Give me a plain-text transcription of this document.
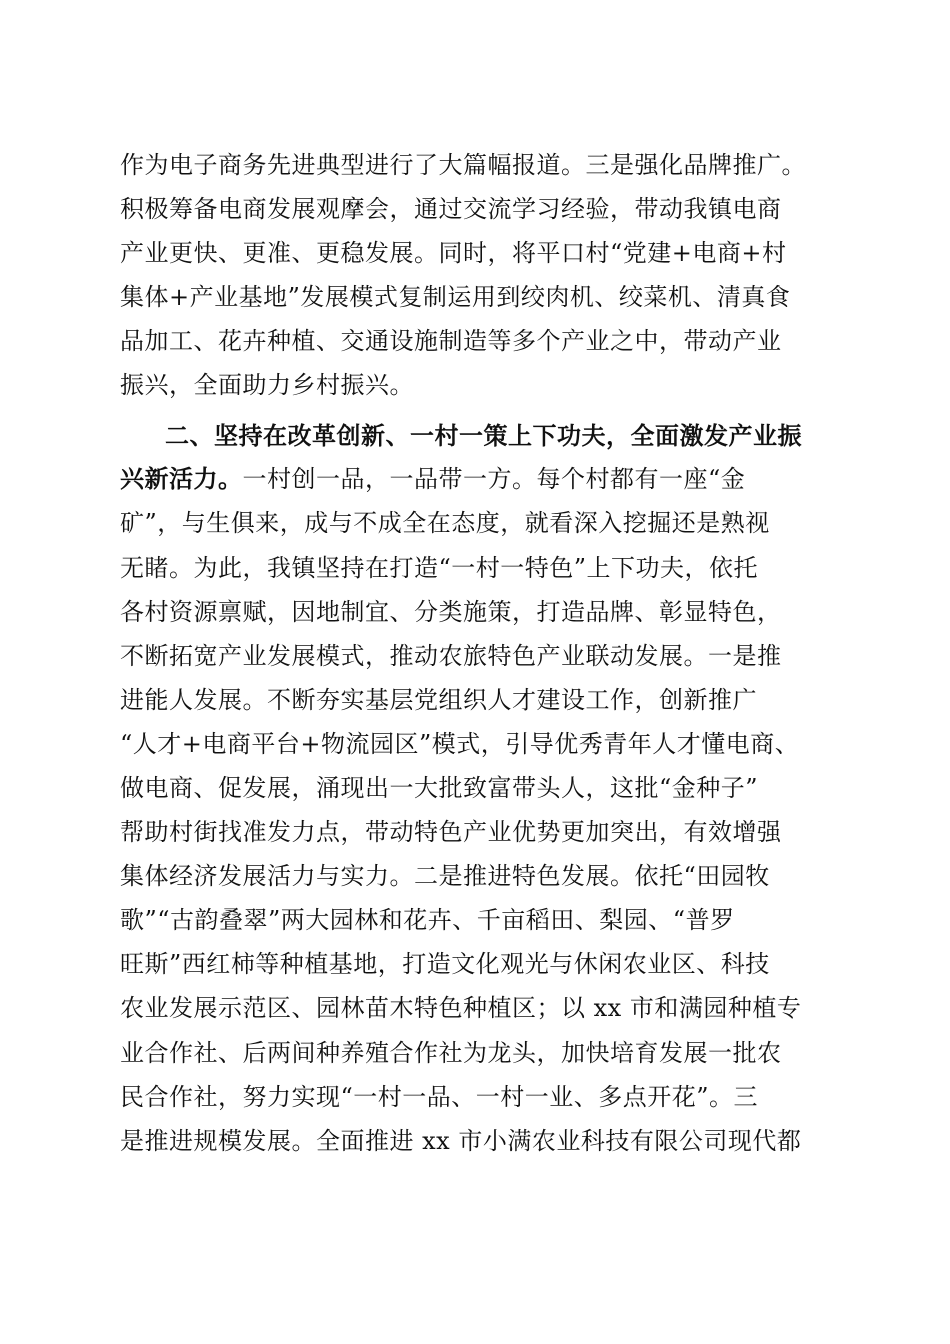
作为电子商务先进典型进行了大篇幅报道。三是强化品牌推广。
积极筹备电商发展观摩会，通过交流学习经验，带动我镇电商
产业更快、更准、更稳发展。同时，将平口村“党建+电商+村
集体+产业基地”发展模式复制运用到绞肉机、绞菜机、清真食
品加工、花卉种植、交通设施制造等多个产业之中，带动产业
振兴，全面助力乡村振兴。
二、坚持在改革创新、一村一策上下功夫，全面激发产业振
兴新活力。一村创一品，一品带一方。每个村都有一座“金
矿”，与生俱来，成与不成全在态度，就看深入挖掘还是熟视
无睹。为此，我镇坚持在打造“一村一特色”上下功夫，依托
各村资源禀赋，因地制宜、分类施策，打造品牌、彰显特色，
不断拓宽产业发展模式，推动农旅特色产业联动发展。一是推
进能人发展。不断夯实基层党组织人才建设工作，创新推广
“人才+电商平台+物流园区”模式，引导优秀青年人才懂电商、
做电商、促发展，涌现出一大批致富带头人，这批“金种子”
帮助村街找准发力点，带动特色产业优势更加突出，有效增强
集体经济发展活力与实力。二是推进特色发展。依托“田园牧
歌”“古韵叠翠”两大园林和花卉、千亩稻田、梨园、“普罗
旺斯”西红柿等种植基地，打造文化观光与休闲农业区、科技
农业发展示范区、园林苗木特色种植区；以 xx 市和满园种植专
业合作社、后两间种养殖合作社为龙头，加快培育发展一批农
民合作社，努力实现“一村一品、一村一业、多点开花”。三
是推进规模发展。全面推进 xx 市小满农业科技有限公司现代都
